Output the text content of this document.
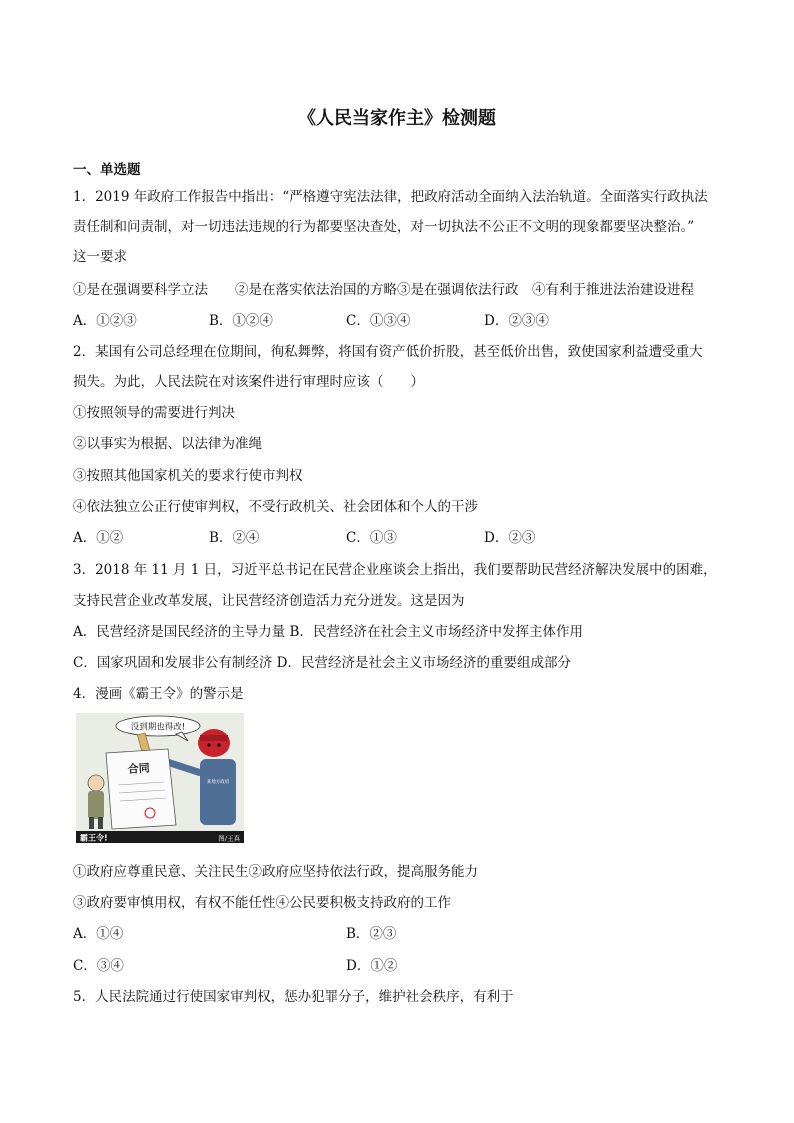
《人民当家作主》检测题
一、单选题
1．2019 年政府工作报告中指出：“严格遵守宪法法律，把政府活动全面纳入法治轨道。全面落实行政执法
责任制和问责制，对一切违法违规的行为都要坚决查处，对一切执法不公正不文明的现象都要坚决整治。”
这一要求
①是在强调要科学立法　　②是在落实依法治国的方略③是在强调依法行政　④有利于推进法治建设进程
A．①②③	B．①②④	C．①③④	D．②③④
2．某国有公司总经理在位期间，徇私舞弊，将国有资产低价折股，甚至低价出售，致使国家利益遭受重大
损失。为此，人民法院在对该案件进行审理时应该（　　）
①按照领导的需要进行判决
②以事实为根据、以法律为准绳
③按照其他国家机关的要求行使市判权
④依法独立公正行使审判权，不受行政机关、社会团体和个人的干涉
A．①②	B．②④	C．①③	D．②③
3．2018 年 11 月 1 日，习近平总书记在民营企业座谈会上指出，我们要帮助民营经济解决发展中的困难，
支持民营企业改革发展，让民营经济创造活力充分迸发。这是因为
A．民营经济是国民经济的主导力量 B．民营经济在社会主义市场经济中发挥主体作用
C．国家巩固和发展非公有制经济 D．民营经济是社会主义市场经济的重要组成部分
4．漫画《霸王令》的警示是
没到期也得改!
某地方政府
合同
霸王令!	图/王真
①政府应尊重民意、关注民生②政府应坚持依法行政，提高服务能力
③政府要审慎用权，有权不能任性④公民要积极支持政府的工作
A．①④	B．②③
C．③④	D．①②
5．人民法院通过行使国家审判权，惩办犯罪分子，维护社会秩序，有利于
